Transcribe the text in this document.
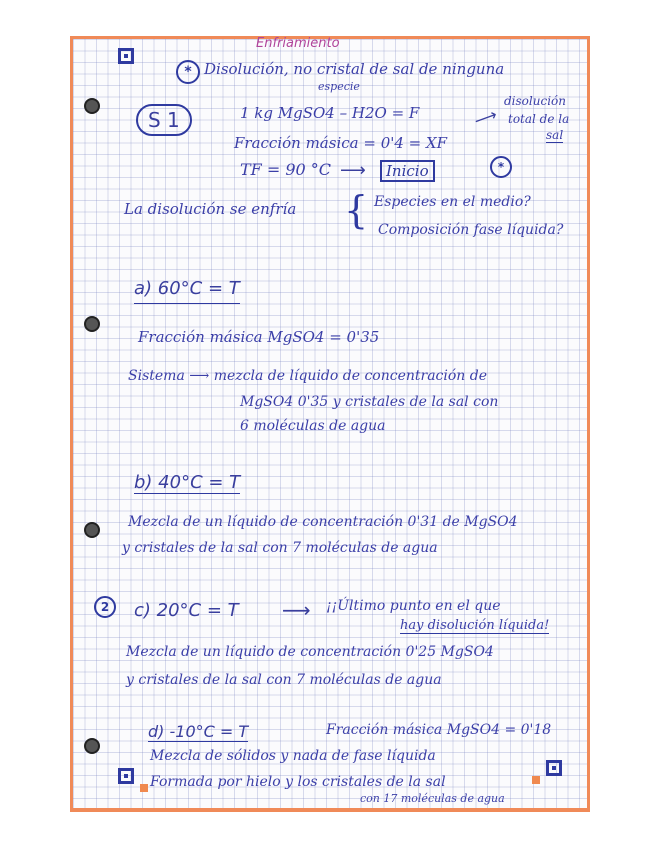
Enfriamiento
* Disolución, no cristal de sal de ninguna
especie
S 1	1 kg MgSO4 – H2O = F
disolución
total de la
sal
⟶
Fracción másica = 0'4 = XF
TF = 90 °C ⟶	Inicio	*
La disolución se enfría { Especies en el medio?
Composición fase líquida?
a) 60°C = T
Fracción másica MgSO4 = 0'35
Sistema ⟶ mezcla de líquido de concentración de
MgSO4 0'35 y cristales de la sal con
6 moléculas de agua
b) 40°C = T
Mezcla de un líquido de concentración 0'31 de MgSO4
y cristales de la sal con 7 moléculas de agua
2	c) 20°C = T ⟶ ¡¡Último punto en el que
hay disolución líquida!
Mezcla de un líquido de concentración 0'25 MgSO4
y cristales de la sal con 7 moléculas de agua
d) -10°C = T	Fracción másica MgSO4 = 0'18
Mezcla de sólidos y nada de fase líquida
Formada por hielo y los cristales de la sal
con 17 moléculas de agua
